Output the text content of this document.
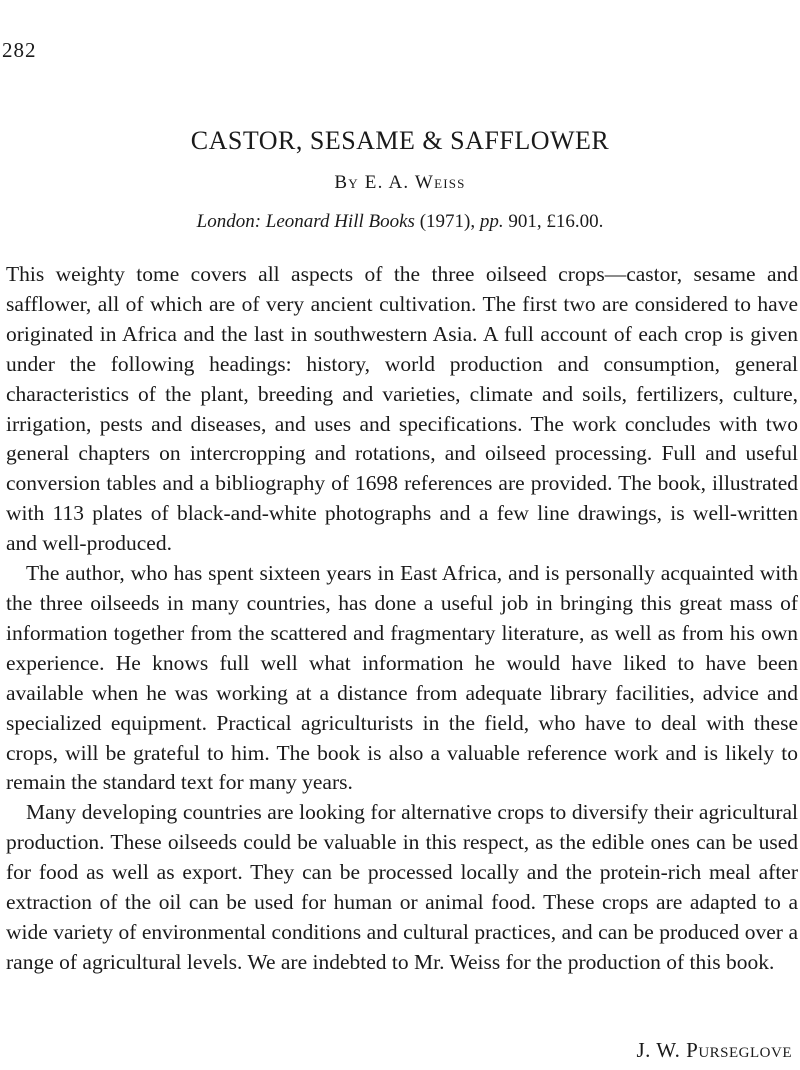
282
CASTOR, SESAME & SAFFLOWER
By E. A. Weiss
London: Leonard Hill Books (1971), pp. 901, £16.00.

This weighty tome covers all aspects of the three oilseed crops—castor, sesame and safflower, all of which are of very ancient cultivation. The first two are considered to have originated in Africa and the last in southwestern Asia. A full account of each crop is given under the following headings: history, world production and consumption, general characteristics of the plant, breeding and varieties, climate and soils, fertilizers, culture, irrigation, pests and diseases, and uses and specifications. The work concludes with two general chapters on intercropping and rotations, and oilseed processing. Full and useful conversion tables and a bibliography of 1698 references are provided. The book, illustrated with 113 plates of black-and-white photographs and a few line drawings, is well-written and well-produced.

The author, who has spent sixteen years in East Africa, and is personally acquainted with the three oilseeds in many countries, has done a useful job in bringing this great mass of information together from the scattered and fragmentary literature, as well as from his own experience. He knows full well what information he would have liked to have been available when he was working at a distance from adequate library facilities, advice and specialized equipment. Practical agriculturists in the field, who have to deal with these crops, will be grateful to him. The book is also a valuable reference work and is likely to remain the standard text for many years.

Many developing countries are looking for alternative crops to diversify their agricultural production. These oilseeds could be valuable in this respect, as the edible ones can be used for food as well as export. They can be processed locally and the protein-rich meal after extraction of the oil can be used for human or animal food. These crops are adapted to a wide variety of environmental conditions and cultural practices, and can be produced over a range of agricultural levels. We are indebted to Mr. Weiss for the production of this book.

J. W. Purseglove
